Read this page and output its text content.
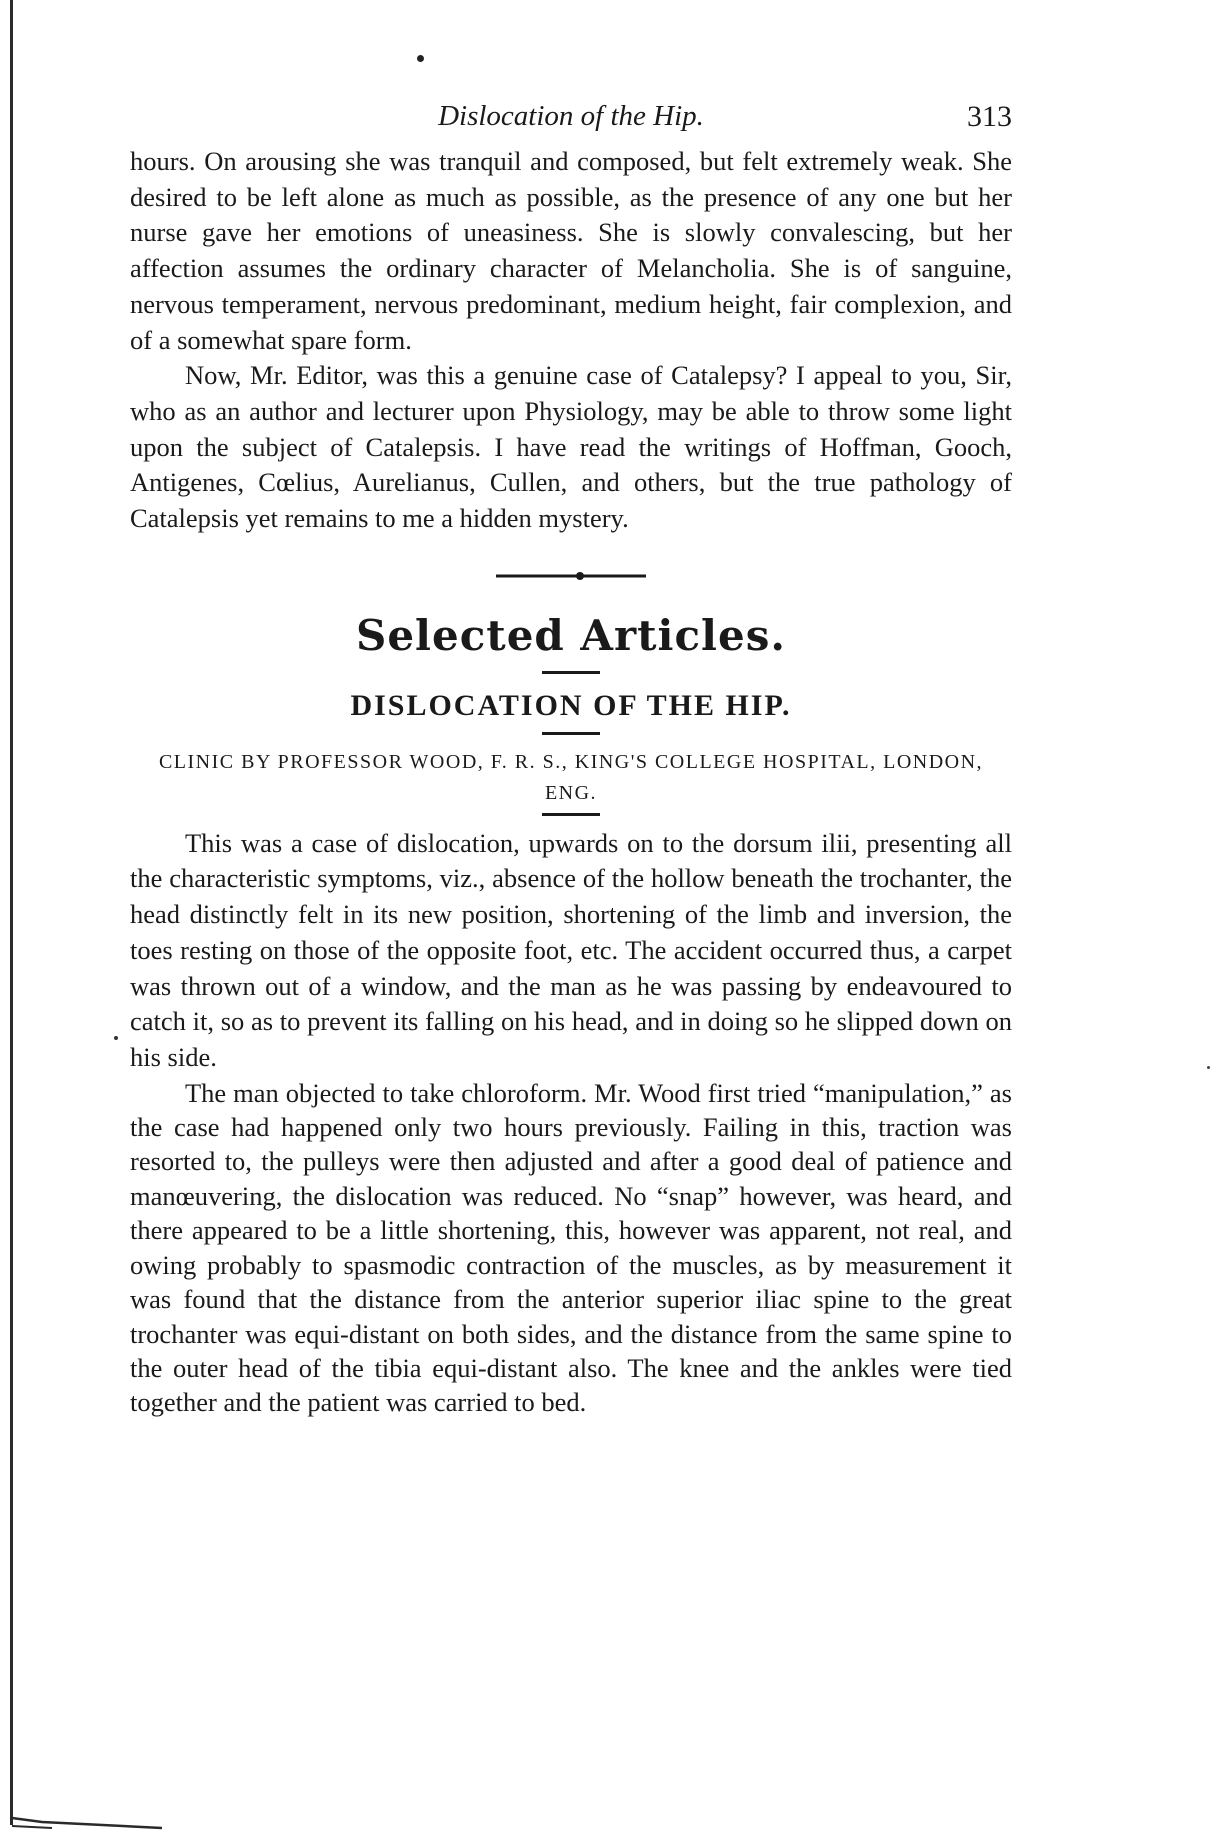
Dislocation of the Hip.	313

hours. On arousing she was tranquil and composed, but felt extremely weak. She desired to be left alone as much as possible, as the presence of any one but her nurse gave her emotions of uneasiness. She is slowly convalescing, but her affection assumes the ordinary character of Melancholia. She is of sanguine, nervous temperament, nervous predominant, medium height, fair complexion, and of a somewhat spare form.

Now, Mr. Editor, was this a genuine case of Catalepsy? I appeal to you, Sir, who as an author and lecturer upon Physiology, may be able to throw some light upon the subject of Catalepsis. I have read the writings of Hoffman, Gooch, Antigenes, Cœlius, Aurelianus, Cullen, and others, but the true pathology of Catalepsis yet remains to me a hidden mystery.

Selected Articles.
DISLOCATION OF THE HIP.

CLINIC BY PROFESSOR WOOD, F. R. S., KING'S COLLEGE HOSPITAL, LONDON, ENG.

This was a case of dislocation, upwards on to the dorsum ilii, presenting all the characteristic symptoms, viz., absence of the hollow beneath the trochanter, the head distinctly felt in its new position, shortening of the limb and inversion, the toes resting on those of the opposite foot, etc. The accident occurred thus, a carpet was thrown out of a window, and the man as he was passing by endeavoured to catch it, so as to prevent its falling on his head, and in doing so he slipped down on his side.

The man objected to take chloroform. Mr. Wood first tried “manipulation,” as the case had happened only two hours previously. Failing in this, traction was resorted to, the pulleys were then adjusted and after a good deal of patience and manœuvering, the dislocation was reduced. No “snap” however, was heard, and there appeared to be a little shortening, this, however was apparent, not real, and owing probably to spasmodic contraction of the muscles, as by measurement it was found that the distance from the anterior superior iliac spine to the great trochanter was equi-distant on both sides, and the distance from the same spine to the outer head of the tibia equi-distant also. The knee and the ankles were tied together and the patient was carried to bed.
